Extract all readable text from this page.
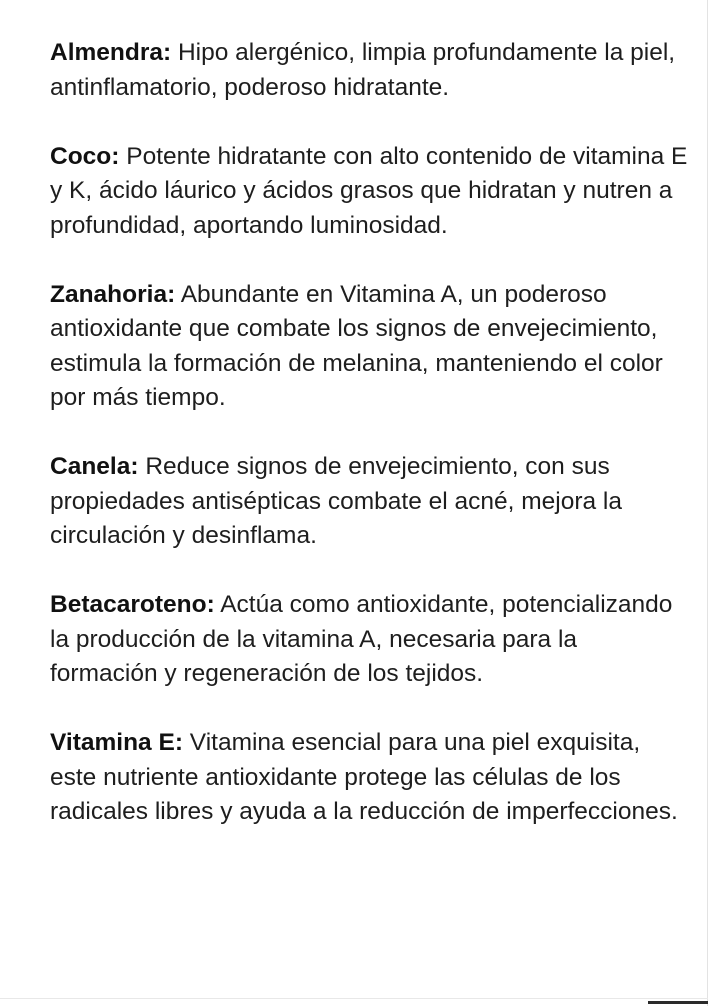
Almendra: Hipo alergénico, limpia profundamente la piel, antinflamatorio, poderoso hidratante.

Coco: Potente hidratante con alto contenido de vitamina E y K, ácido láurico y ácidos grasos que hidratan y nutren a profundidad, aportando luminosidad.

Zanahoria: Abundante en Vitamina A, un poderoso antioxidante que combate los signos de envejecimiento, estimula la formación de melanina, manteniendo el color por más tiempo.

Canela: Reduce signos de envejecimiento, con sus propiedades antisépticas combate el acné, mejora la circulación y desinflama.

Betacaroteno: Actúa como antioxidante, potencializando la producción de la vitamina A, necesaria para la formación y regeneración de los tejidos.

Vitamina E: Vitamina esencial para una piel exquisita, este nutriente antioxidante protege las células de los radicales libres y ayuda a la reducción de imperfecciones.
